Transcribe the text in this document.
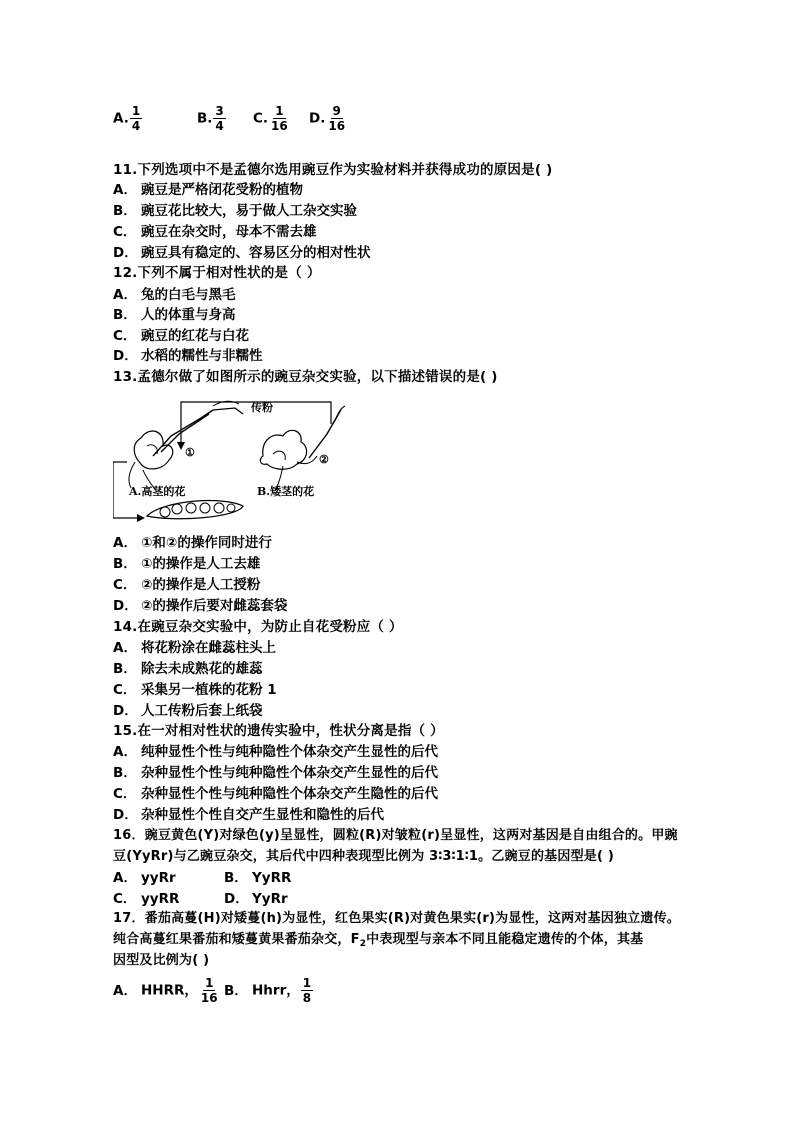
A. $\frac{1}{4}$	B. $\frac{3}{4} C$. $\frac{1}{16} D$. $\frac{9}{16}$
11.下列选项中不是孟德尔选用豌豆作为实验材料并获得成功的原因是( )
A． 豌豆是严格闭花受粉的植物
B． 豌豆花比较大，易于做人工杂交实验
C． 豌豆在杂交时，母本不需去雄
D． 豌豆具有稳定的、容易区分的相对性状
12.下列不属于相对性状的是（ ）
A． 兔的白毛与黑毛
B． 人的体重与身高
C． 豌豆的红花与白花
D． 水稻的糯性与非糯性
13.孟德尔做了如图所示的豌豆杂交实验，以下描述错误的是( )
传粉
①
A.高茎的花
②
B.矮茎的花
A． ①和②的操作同时进行
B． ①的操作是人工去雄
C． ②的操作是人工授粉
D． ②的操作后要对雌蕊套袋
14.在豌豆杂交实验中，为防止自花受粉应（ ）
A． 将花粉涂在雌蕊柱头上
B． 除去未成熟花的雄蕊
C． 采集另一植株的花粉 1
D． 人工传粉后套上纸袋
15.在一对相对性状的遗传实验中，性状分离是指（ ）
A． 纯种显性个性与纯种隐性个体杂交产生显性的后代
B． 杂种显性个性与纯种隐性个体杂交产生显性的后代
C． 杂种显性个性与纯种隐性个体杂交产生隐性的后代
D． 杂种显性个性自交产生显性和隐性的后代
16．豌豆黄色(Y)对绿色(y)呈显性，圆粒(R)对皱粒(r)呈显性，这两对基因是自由组合的。甲豌
豆(YyRr)与乙豌豆杂交，其后代中四种表现型比例为 3∶3∶1∶1。乙豌豆的基因型是( )
A． yyRr	B． YyRR
C． yyRR	D． YyRr
17．番茄高蔓(H)对矮蔓(h)为显性，红色果实(R)对黄色果实(r)为显性，这两对基因独立遗传。
纯合高蔓红果番茄和矮蔓黄果番茄杂交，$F_2$中表现型与亲本不同且能稳定遗传的个体，其基
因型及比例为( )
A． HHRR， $\frac{1}{16}$ B． Hhrr， $\frac{1}{8}$
